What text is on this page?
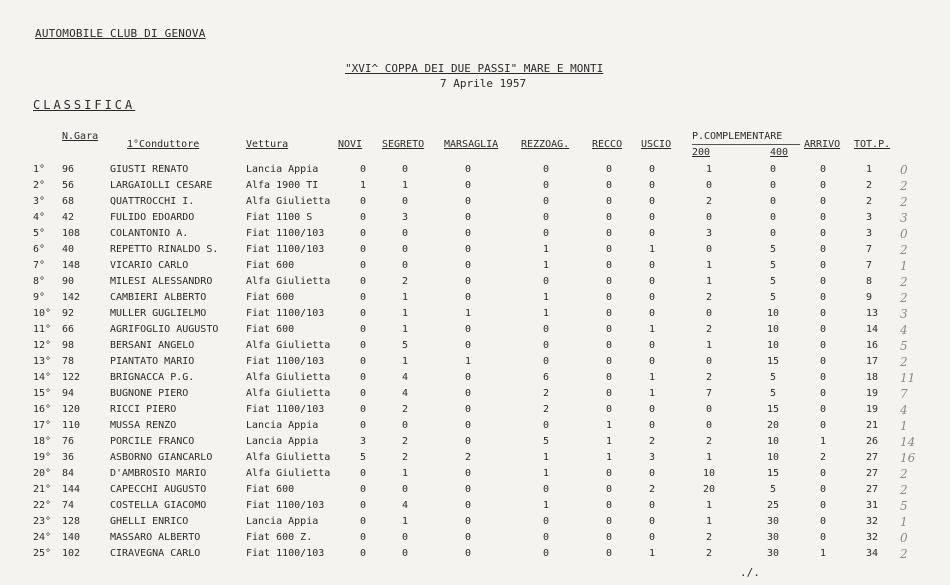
AUTOMOBILE CLUB DI GENOVA
"XVI^ COPPA DEI DUE PASSI" MARE E MONTI
7 Aprile 1957
CLASSIFICA
N.Gara
1°Conduttore	Vettura	NOVI SEGRETO MARSAGLIA REZZOAG. RECCO USCIO
P.COMPLEMENTARE
200	400
ARRIVO TOT.P.
1°	96	GIUSTI RENATO	Lancia Appia	0	0	0	0	0	0	1	0	0	1	0
2°	56	LARGAIOLLI CESARE	Alfa 1900 TI	1	1	0	0	0	0	0	0	0	2	2
3°	68	QUATTROCCHI I.	Alfa Giulietta	0	0	0	0	0	0	2	0	0	2	2
4°	42	FULIDO EDOARDO	Fiat 1100 S	0	3	0	0	0	0	0	0	0	3	3
5°	108	COLANTONIO A.	Fiat 1100/103	0	0	0	0	0	0	3	0	0	3	0
6°	40	REPETTO RINALDO S.	Fiat 1100/103	0	0	0	1	0	1	0	5	0	7	2
7°	148	VICARIO CARLO	Fiat 600	0	0	0	1	0	0	1	5	0	7	1
8°	90	MILESI ALESSANDRO	Alfa Giulietta	0	2	0	0	0	0	1	5	0	8	2
9°	142	CAMBIERI ALBERTO	Fiat 600	0	1	0	1	0	0	2	5	0	9	2
10°	92	MULLER GUGLIELMO	Fiat 1100/103	0	1	1	1	0	0	0	10	0	13	3
11°	66	AGRIFOGLIO AUGUSTO	Fiat 600	0	1	0	0	0	1	2	10	0	14	4
12°	98	BERSANI ANGELO	Alfa Giulietta	0	5	0	0	0	0	1	10	0	16	5
13°	78	PIANTATO MARIO	Fiat 1100/103	0	1	1	0	0	0	0	15	0	17	2
14°	122	BRIGNACCA P.G.	Alfa Giulietta	0	4	0	6	0	1	2	5	0	18	11
15°	94	BUGNONE PIERO	Alfa Giulietta	0	4	0	2	0	1	7	5	0	19	7
16°	120	RICCI PIERO	Fiat 1100/103	0	2	0	2	0	0	0	15	0	19	4
17°	110	MUSSA RENZO	Lancia Appia	0	0	0	0	1	0	0	20	0	21	1
18°	76	PORCILE FRANCO	Lancia Appia	3	2	0	5	1	2	2	10	1	26	14
19°	36	ASBORNO GIANCARLO	Alfa Giulietta	5	2	2	1	1	3	1	10	2	27	16
20°	84	D'AMBROSIO MARIO	Alfa Giulietta	0	1	0	1	0	0	10	15	0	27	2
21°	144	CAPECCHI AUGUSTO	Fiat 600	0	0	0	0	0	2	20	5	0	27	2
22°	74	COSTELLA GIACOMO	Fiat 1100/103	0	4	0	1	0	0	1	25	0	31	5
23°	128	GHELLI ENRICO	Lancia Appia	0	1	0	0	0	0	1	30	0	32	1
24°	140	MASSARO ALBERTO	Fiat 600 Z.	0	0	0	0	0	0	2	30	0	32	0
25°	102	CIRAVEGNA CARLO	Fiat 1100/103	0	0	0	0	0	1	2	30	1	34	2
./.
